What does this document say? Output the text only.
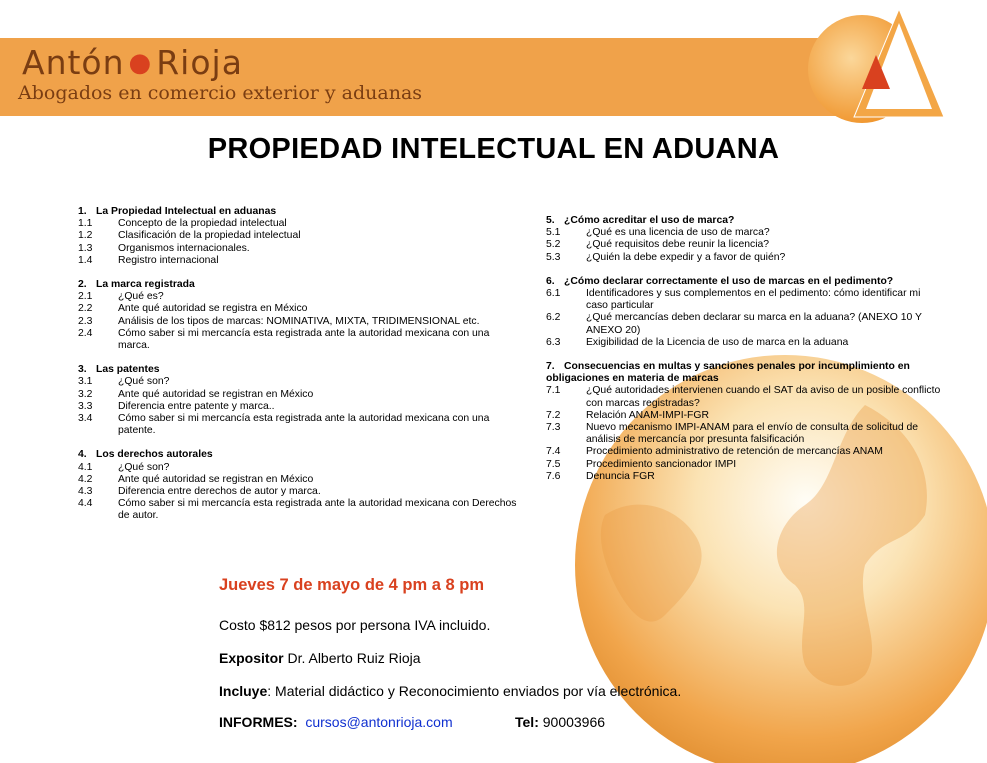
Antón ● Rioja
Abogados en comercio exterior y aduanas
PROPIEDAD INTELECTUAL EN ADUANA
1. La Propiedad Intelectual en aduanas
1.1 Concepto de la propiedad intelectual
1.2 Clasificación de la propiedad intelectual
1.3 Organismos internacionales.
1.4 Registro internacional
2. La marca registrada
2.1 ¿Qué es?
2.2 Ante qué autoridad se registra en México
2.3 Análisis de los tipos de marcas: NOMINATIVA, MIXTA, TRIDIMENSIONAL etc.
2.4 Cómo saber si mi mercancía esta registrada ante la autoridad mexicana con una marca.
3. Las patentes
3.1 ¿Qué son?
3.2 Ante qué autoridad se registran en México
3.3 Diferencia entre patente y marca..
3.4 Cómo saber si mi mercancía esta registrada ante la autoridad mexicana con una patente.
4. Los derechos autorales
4.1 ¿Qué son?
4.2 Ante qué autoridad se registran en México
4.3 Diferencia entre derechos de autor y marca.
4.4 Cómo saber si mi mercancía esta registrada ante la autoridad mexicana con Derechos de autor.
5. ¿Cómo acreditar el uso de marca?
5.1 ¿Qué es una licencia de uso de marca?
5.2 ¿Qué requisitos debe reunir la licencia?
5.3 ¿Quién la debe expedir y a favor de quién?
6. ¿Cómo declarar correctamente el uso de marcas en el pedimento?
6.1 Identificadores y sus complementos en el pedimento: cómo identificar mi caso particular
6.2 ¿Qué mercancías deben declarar su marca en la aduana? (ANEXO 10 Y ANEXO 20)
6.3 Exigibilidad de la Licencia de uso de marca en la aduana
7. Consecuencias en multas y sanciones penales por incumplimiento en obligaciones en materia de marcas
7.1 ¿Qué autoridades intervienen cuando el SAT da aviso de un posible conflicto con marcas registradas?
7.2 Relación ANAM-IMPI-FGR
7.3 Nuevo mecanismo IMPI-ANAM para el envío de consulta de solicitud de análisis de mercancía por presunta falsificación
7.4 Procedimiento administrativo de retención de mercancías ANAM
7.5 Procedimiento sancionador IMPI
7.6 Denuncia FGR
Jueves 7 de mayo de 4 pm a 8 pm
Costo $812 pesos por persona IVA incluido.
Expositor Dr. Alberto Ruiz Rioja
Incluye: Material didáctico y Reconocimiento enviados por vía electrónica.
INFORMES: cursos@antonrioja.com	Tel: 90003966
